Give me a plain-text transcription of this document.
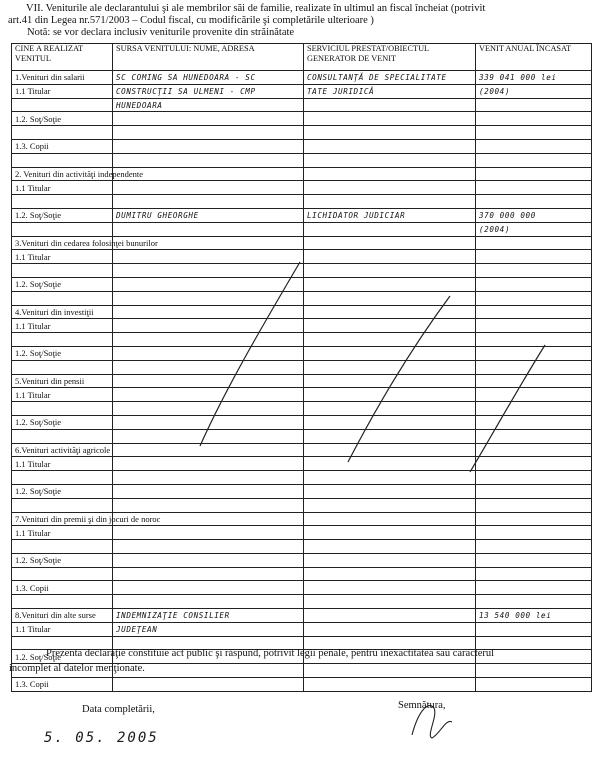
VII. Veniturile ale declarantului şi ale membrilor săi de familie, realizate în ultimul an fiscal încheiat (potrivit
art.41 din Legea nr.571/2003 – Codul fiscal, cu modificările şi completările ulterioare )
Notă: se vor declara inclusiv veniturile provenite din străinătate
CINE A REALIZAT VENITUL	SURSA VENITULUI: NUME, ADRESA	SERVICIUL PRESTAT/OBIECTUL GENERATOR DE VENIT	VENIT ANUAL ÎNCASAT
1.Venituri din salarii	SC COMING SA HUNEDOARA - SC	CONSULTANŢĂ DE SPECIALITATE	339 041 000 lei
1.1 Titular	CONSTRUCŢII SA ULMENI - CMP	TATE JURIDICĂ	(2004)
	HUNEDOARA		
1.2. Soţ/Soţie			

1.3. Copii			

2. Venituri din activităţi independente			
1.1 Titular			

1.2. Soţ/Soţie	DUMITRU GHEORGHE	LICHIDATOR JUDICIAR	370 000 000
			(2004)
3.Venituri din cedarea folosinţei bunurilor			
1.1 Titular			

1.2. Soţ/Soţie			

4.Venituri din investiţii			
1.1 Titular			

1.2. Soţ/Soţie			

5.Venituri din pensii			
1.1 Titular			

1.2. Soţ/Soţie			

6.Venituri activităţi agricole			
1.1 Titular			

1.2. Soţ/Soţie			

7.Venituri din premii şi din jocuri de noroc			
1.1 Titular			

1.2. Soţ/Soţie			

1.3. Copii			

8.Venituri din alte surse	INDEMNIZAŢIE CONSILIER		13 540 000 lei
1.1 Titular	JUDEŢEAN		

1.2. Soţ/Soţie			

1.3. Copii			
Prezenta declaraţie constituie act public şi răspund, potrivit legii penale, pentru inexactitatea sau caracterul
incomplet al datelor menţionate.
Data completării,
5. 05. 2005
Semnătura,
